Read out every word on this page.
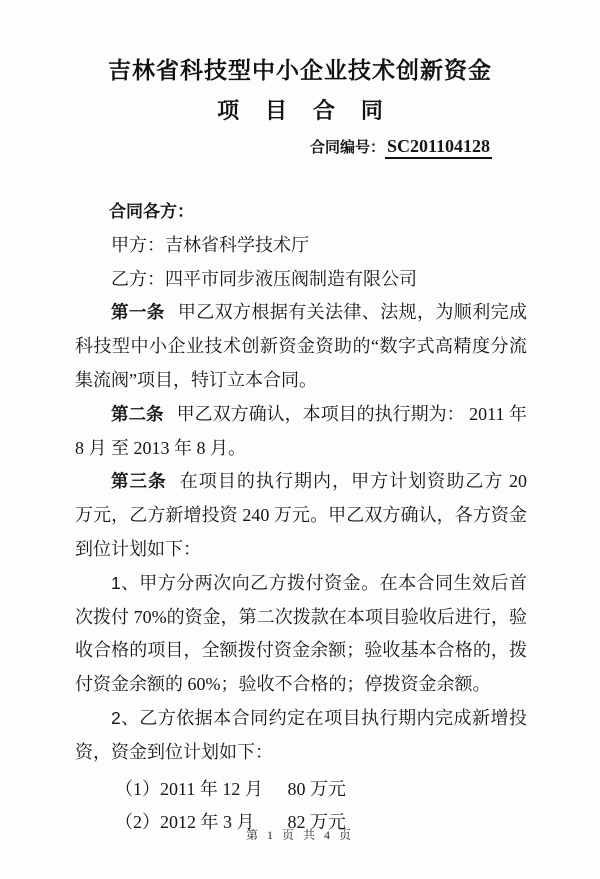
吉林省科技型中小企业技术创新资金
项 目 合 同

合同编号： SC201104128

合同各方：

甲方：吉林省科学技术厅

乙方：四平市同步液压阀制造有限公司

第一条 甲乙双方根据有关法律、法规，为顺利完成科技型中小企业技术创新资金资助的“数字式高精度分流集流阀”项目，特订立本合同。

第二条 甲乙双方确认，本项目的执行期为： 2011 年 8 月 至 2013 年 8 月。

第三条 在项目的执行期内，甲方计划资助乙方 20 万元，乙方新增投资 240 万元。甲乙双方确认，各方资金到位计划如下：

1、甲方分两次向乙方拨付资金。在本合同生效后首次拨付 70%的资金，第二次拨款在本项目验收后进行，验收合格的项目，全额拨付资金余额；验收基本合格的，拨付资金余额的 60%；验收不合格的；停拨资金余额。

2、乙方依据本合同约定在项目执行期内完成新增投资，资金到位计划如下：

（1）2011 年 12 月 80 万元

（2）2012 年 3 月 82 万元

第 1 页 共 4 页
